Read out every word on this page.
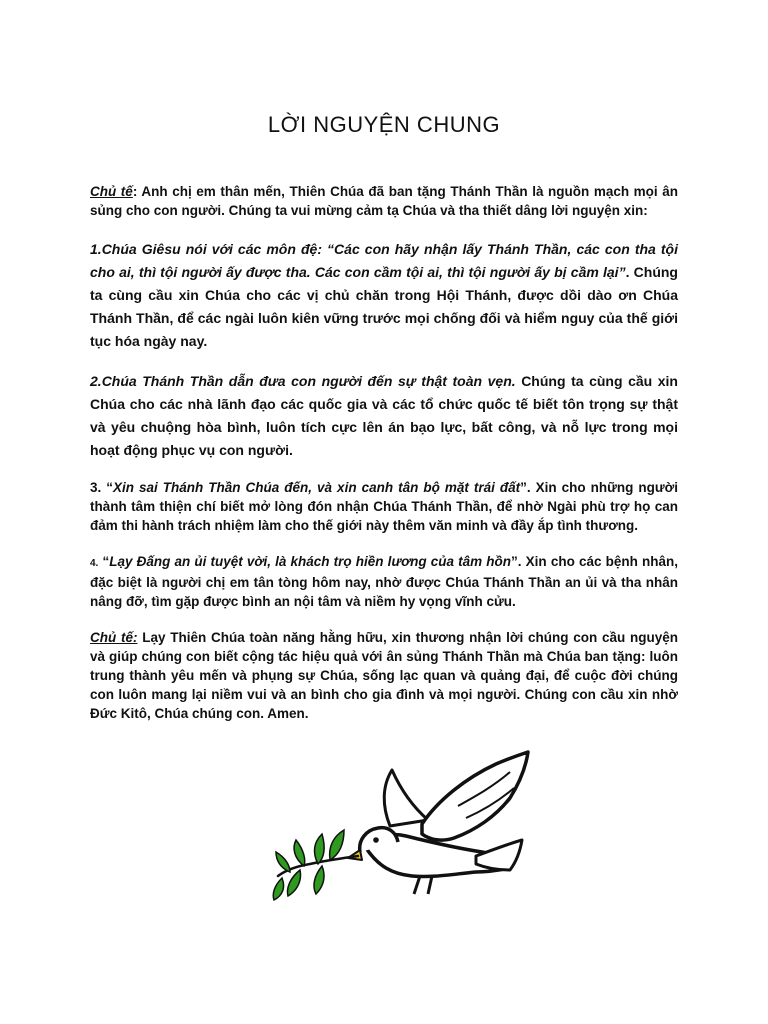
LỜI NGUYỆN CHUNG

Chủ tế: Anh chị em thân mến, Thiên Chúa đã ban tặng Thánh Thần là nguồn mạch mọi ân sủng cho con người. Chúng ta vui mừng cảm tạ Chúa và tha thiết dâng lời nguyện xin:

1.Chúa Giêsu nói với các môn đệ: “Các con hãy nhận lấy Thánh Thần, các con tha tội cho ai, thì tội người ấy được tha. Các con cầm tội ai, thì tội người ấy bị cầm lại”. Chúng ta cùng cầu xin Chúa cho các vị chủ chăn trong Hội Thánh, được dồi dào ơn Chúa Thánh Thần, để các ngài luôn kiên vững trước mọi chống đối và hiểm nguy của thế giới tục hóa ngày nay.

2.Chúa Thánh Thần dẫn đưa con người đến sự thật toàn vẹn. Chúng ta cùng cầu xin Chúa cho các nhà lãnh đạo các quốc gia và các tổ chức quốc tế biết tôn trọng sự thật và yêu chuộng hòa bình, luôn tích cực lên án bạo lực, bất công, và nỗ lực trong mọi hoạt động phục vụ con người.

3. “Xin sai Thánh Thần Chúa đến, và xin canh tân bộ mặt trái đất”. Xin cho những người thành tâm thiện chí biết mở lòng đón nhận Chúa Thánh Thần, để nhờ Ngài phù trợ họ can đảm thi hành trách nhiệm làm cho thế giới này thêm văn minh và đầy ắp tình thương.

4. “Lạy Đấng an ủi tuyệt vời, là khách trọ hiền lương của tâm hồn”. Xin cho các bệnh nhân, đặc biệt là người chị em tân tòng hôm nay, nhờ được Chúa Thánh Thần an ủi và tha nhân nâng đỡ, tìm gặp được bình an nội tâm và niềm hy vọng vĩnh cửu.

Chủ tế: Lạy Thiên Chúa toàn năng hằng hữu, xin thương nhận lời chúng con cầu nguyện và giúp chúng con biết cộng tác hiệu quả với ân sủng Thánh Thần mà Chúa ban tặng: luôn trung thành yêu mến và phụng sự Chúa, sống lạc quan và quảng đại, để cuộc đời chúng con luôn mang lại niềm vui và an bình cho gia đình và mọi người. Chúng con cầu xin nhờ Đức Kitô, Chúa chúng con. Amen.
